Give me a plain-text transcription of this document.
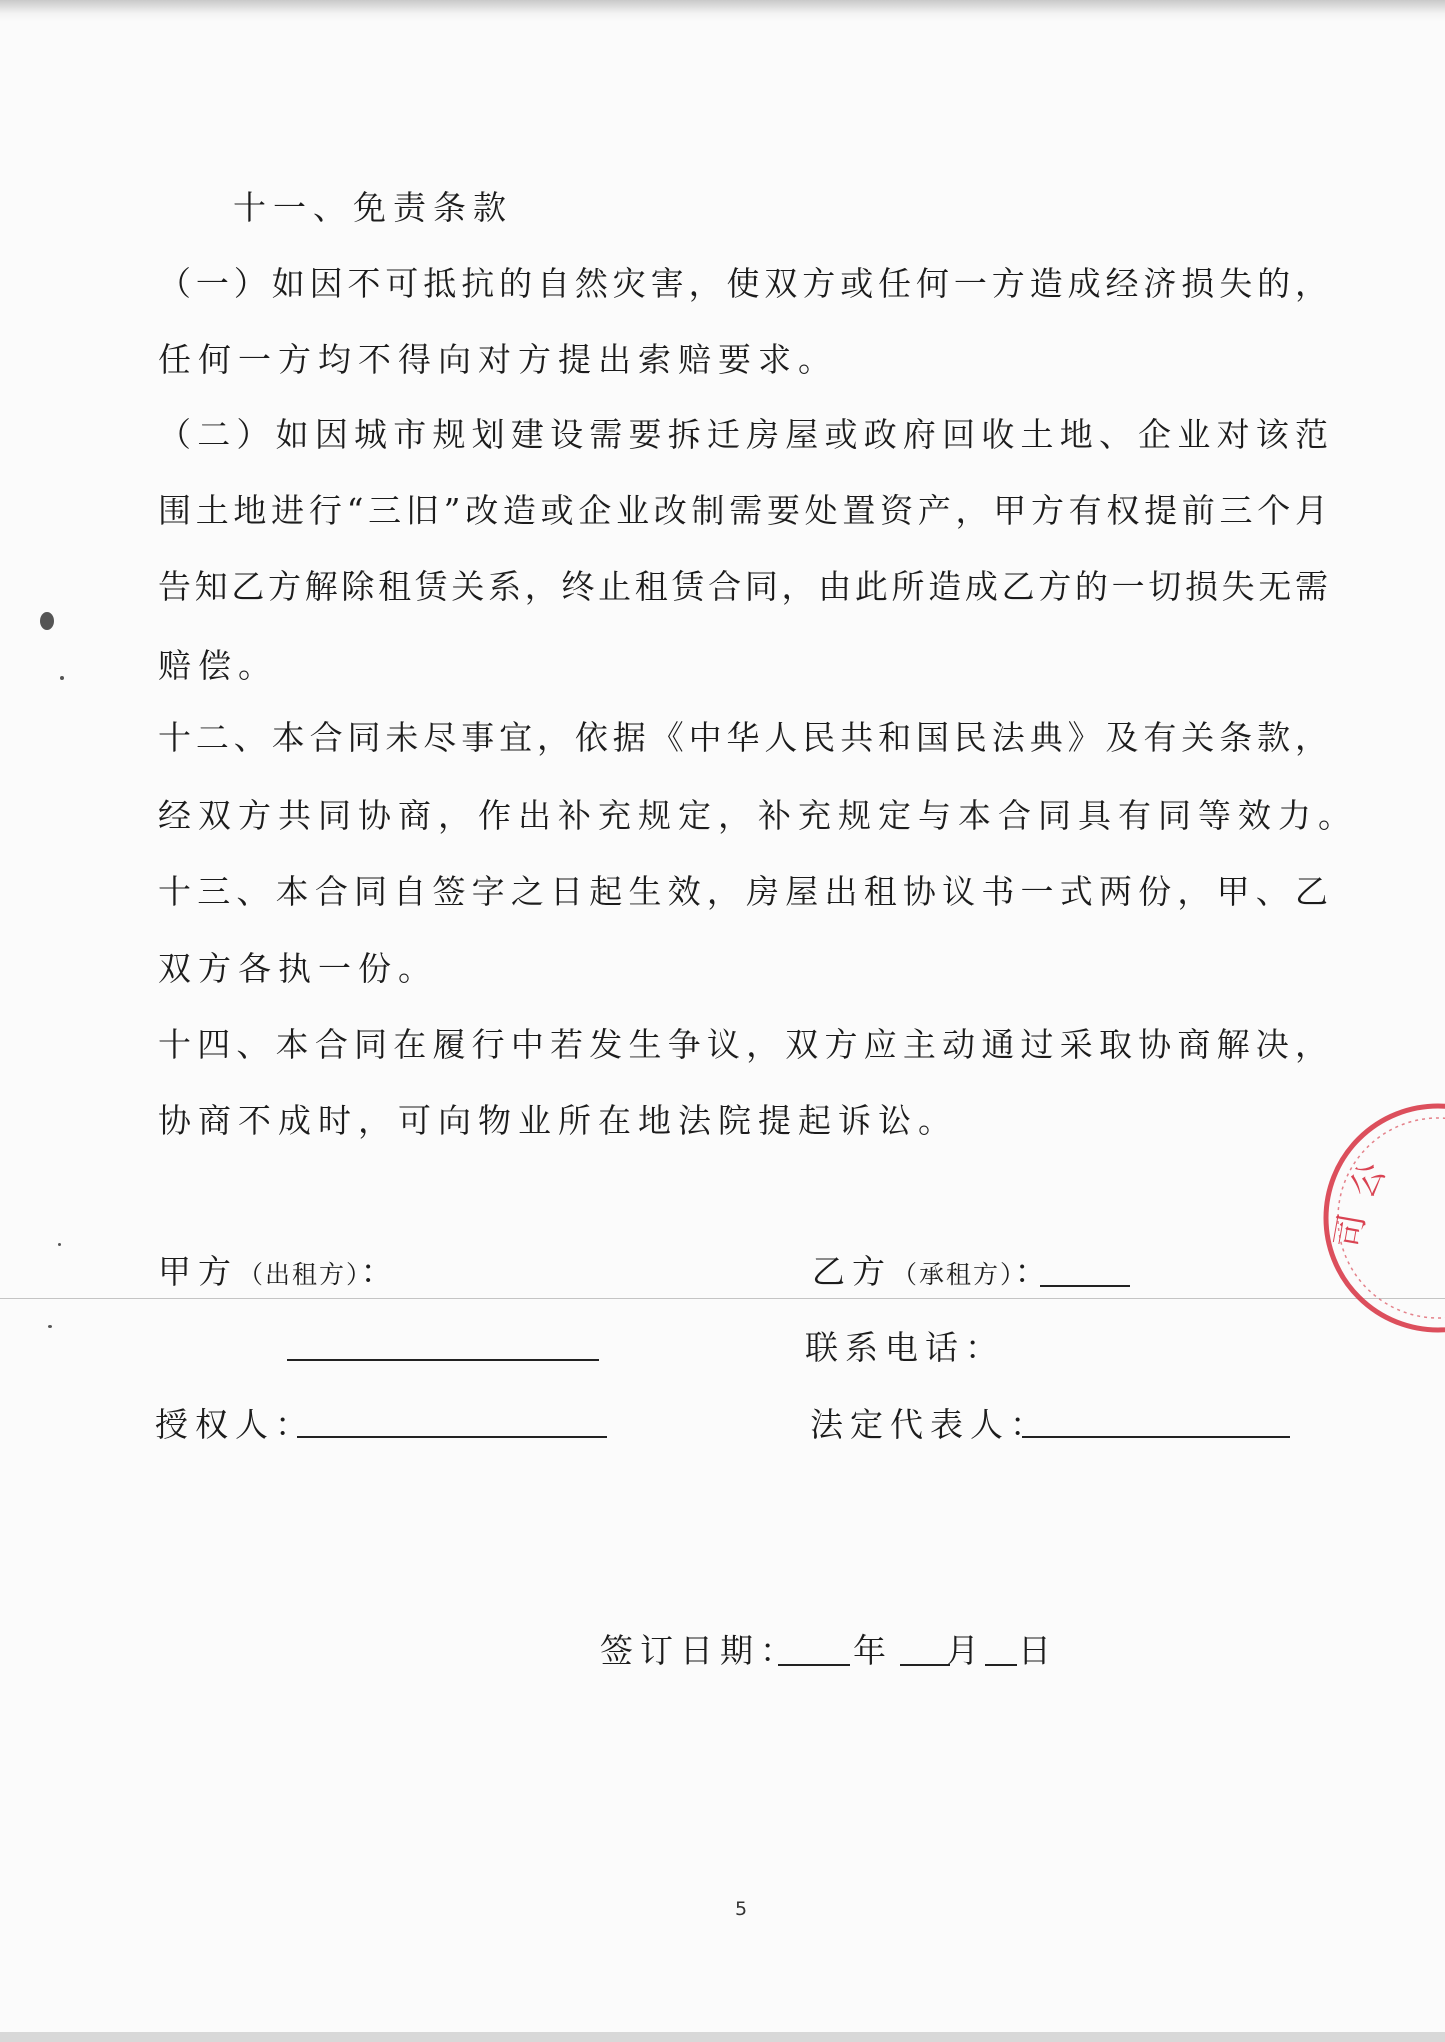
十一、免责条款

（一）如因不可抵抗的自然灾害，使双方或任何一方造成经济损失的，

任何一方均不得向对方提出索赔要求。

（二）如因城市规划建设需要拆迁房屋或政府回收土地、企业对该范

围土地进行“三旧”改造或企业改制需要处置资产，甲方有权提前三个月

告知乙方解除租赁关系，终止租赁合同，由此所造成乙方的一切损失无需

赔偿。

十二、本合同未尽事宜，依据《中华人民共和国民法典》及有关条款，

经双方共同协商，作出补充规定，补充规定与本合同具有同等效力。

十三、本合同自签字之日起生效，房屋出租协议书一式两份，甲、乙

双方各执一份。

十四、本合同在履行中若发生争议，双方应主动通过采取协商解决，

协商不成时，可向物业所在地法院提起诉讼。

甲方（出租方）：	乙方（承租方）：

联系电话：

授权人：	法定代表人：

签订日期： 年 月 日

公
司
5
